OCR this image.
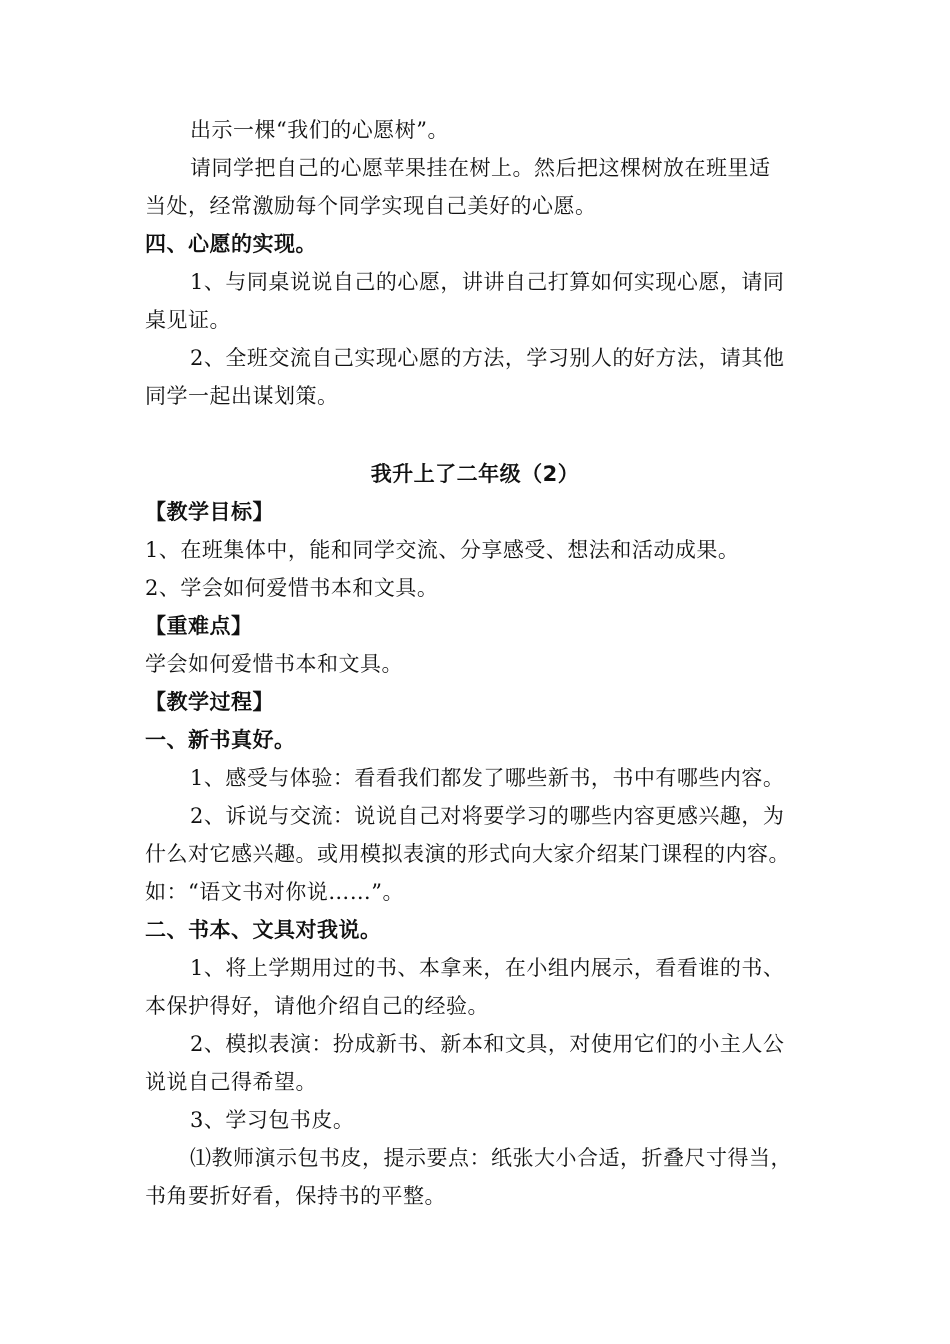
出示一棵“我们的心愿树”。
请同学把自己的心愿苹果挂在树上。然后把这棵树放在班里适
当处，经常激励每个同学实现自己美好的心愿。
四、心愿的实现。
1、与同桌说说自己的心愿，讲讲自己打算如何实现心愿，请同
桌见证。
2、全班交流自己实现心愿的方法，学习别人的好方法，请其他
同学一起出谋划策。
我升上了二年级（2）
【教学目标】
1、在班集体中，能和同学交流、分享感受、想法和活动成果。
2、学会如何爱惜书本和文具。
【重难点】
学会如何爱惜书本和文具。
【教学过程】
一、新书真好。
1、感受与体验：看看我们都发了哪些新书，书中有哪些内容。
2、诉说与交流：说说自己对将要学习的哪些内容更感兴趣，为
什么对它感兴趣。或用模拟表演的形式向大家介绍某门课程的内容。
如：“语文书对你说……”。
二、书本、文具对我说。
1、将上学期用过的书、本拿来，在小组内展示，看看谁的书、
本保护得好，请他介绍自己的经验。
2、模拟表演：扮成新书、新本和文具，对使用它们的小主人公
说说自己得希望。
3、学习包书皮。
⑴教师演示包书皮，提示要点：纸张大小合适，折叠尺寸得当，
书角要折好看，保持书的平整。
